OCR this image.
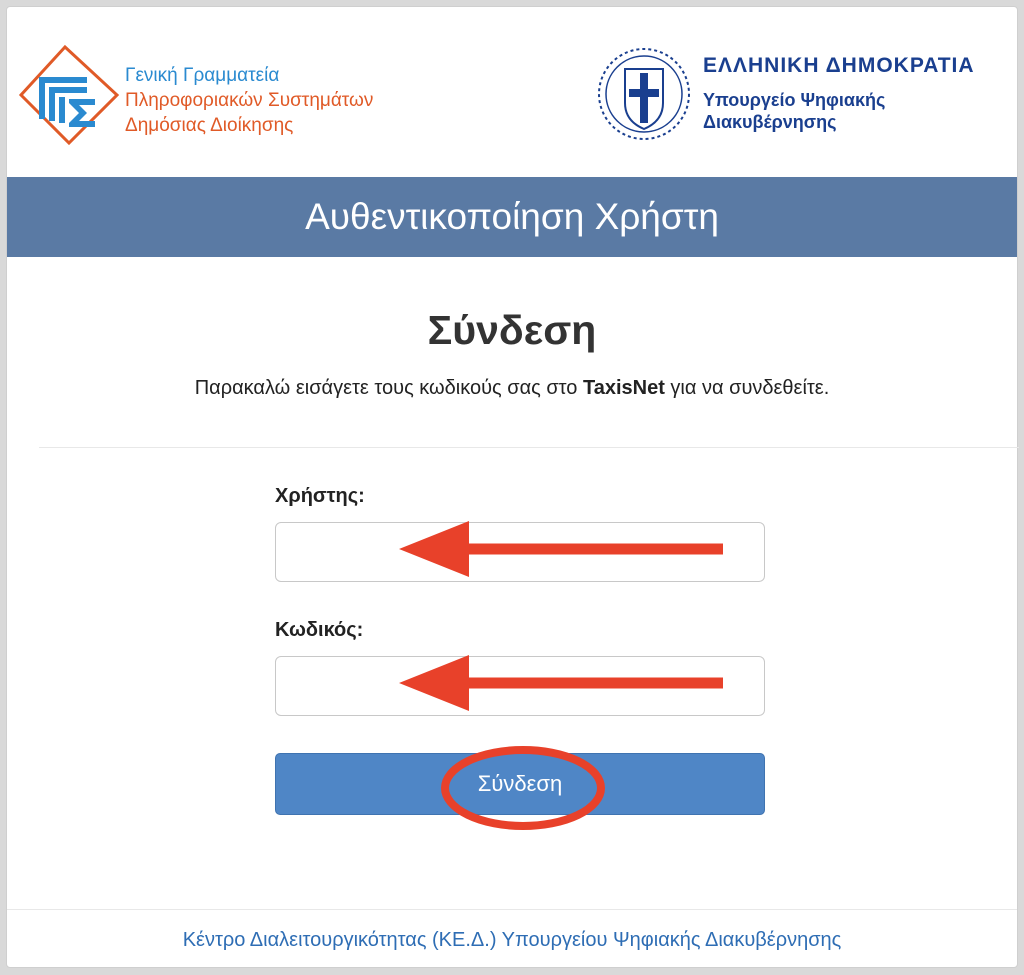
Γενική Γραμματεία
Πληροφοριακών Συστημάτων
Δημόσιας Διοίκησης
ΕΛΛΗΝΙΚΗ ΔΗΜΟΚΡΑΤΙΑ
Υπουργείο Ψηφιακής
Διακυβέρνησης
Αυθεντικοποίηση Χρήστη
Σύνδεση
Παρακαλώ εισάγετε τους κωδικούς σας στο TaxisNet για να συνδεθείτε.
Χρήστης:
Κωδικός:
Σύνδεση
Κέντρο Διαλειτουργικότητας (ΚΕ.Δ.) Υπουργείου Ψηφιακής Διακυβέρνησης
